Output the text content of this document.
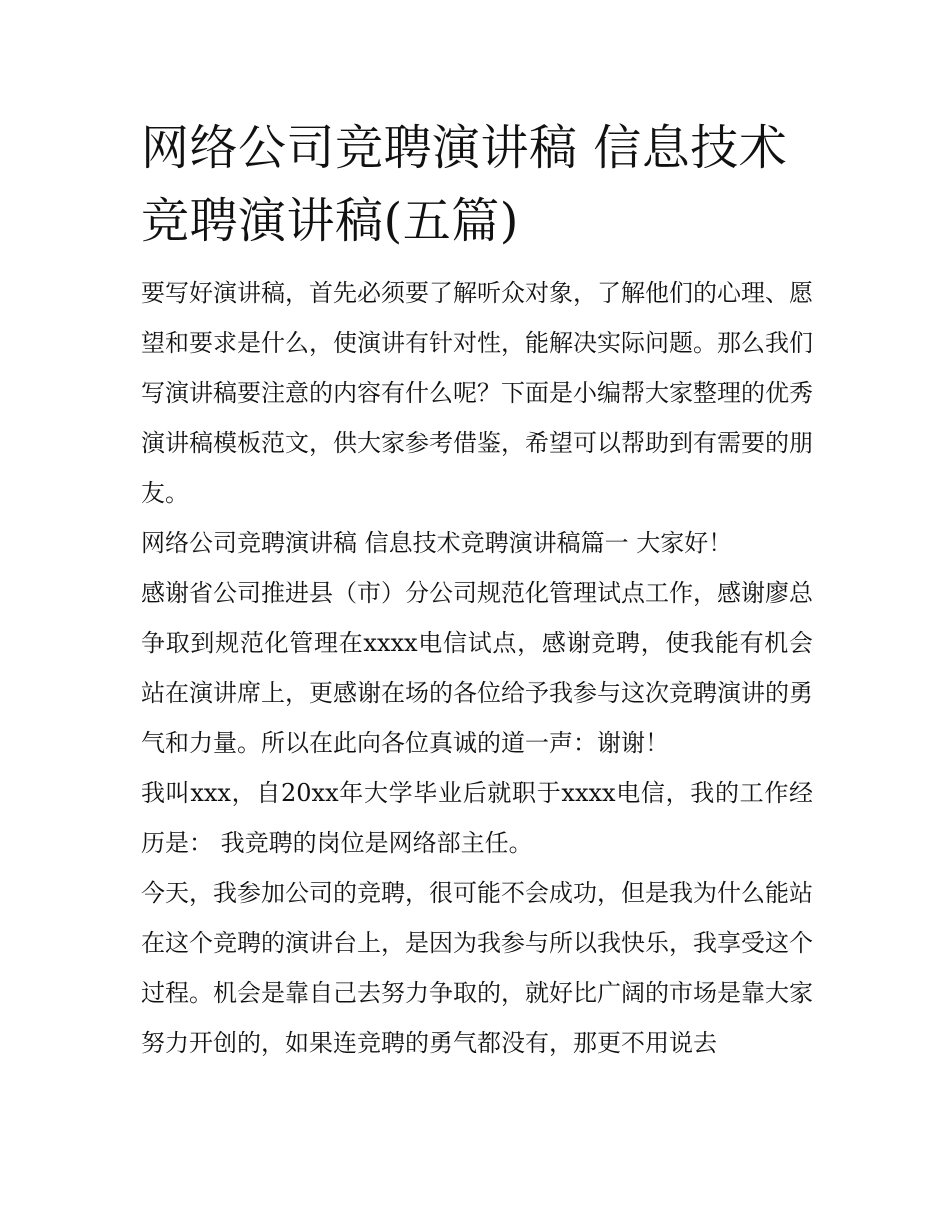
网络公司竞聘演讲稿 信息技术竞聘演讲稿(五篇)

要写好演讲稿，首先必须要了解听众对象，了解他们的心理、愿望和要求是什么，使演讲有针对性，能解决实际问题。那么我们写演讲稿要注意的内容有什么呢？下面是小编帮大家整理的优秀演讲稿模板范文，供大家参考借鉴，希望可以帮助到有需要的朋友。

网络公司竞聘演讲稿 信息技术竞聘演讲稿篇一 大家好！

感谢省公司推进县（市）分公司规范化管理试点工作，感谢廖总争取到规范化管理在xxxx电信试点，感谢竞聘，使我能有机会站在演讲席上，更感谢在场的各位给予我参与这次竞聘演讲的勇气和力量。所以在此向各位真诚的道一声：谢谢！

我叫xxx，自20xx年大学毕业后就职于xxxx电信，我的工作经历是： 我竞聘的岗位是网络部主任。

今天，我参加公司的竞聘，很可能不会成功，但是我为什么能站在这个竞聘的演讲台上，是因为我参与所以我快乐，我享受这个过程。机会是靠自己去努力争取的，就好比广阔的市场是靠大家努力开创的，如果连竞聘的勇气都没有，那更不用说去
